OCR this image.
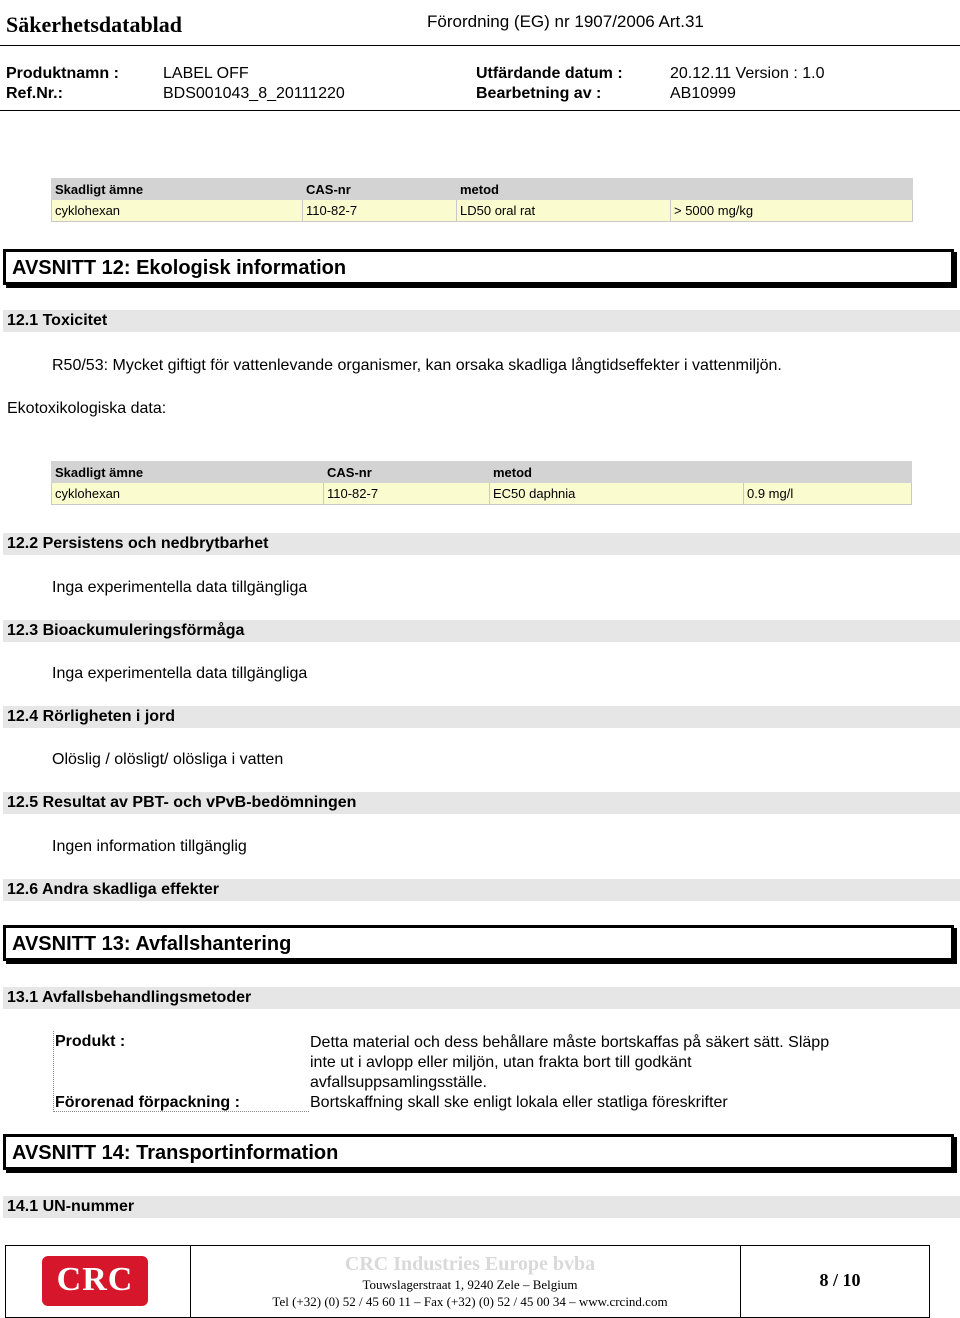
Säkerhetsdatablad	Förordning (EG) nr 1907/2006 Art.31
Produktnamn :	LABEL OFF	Utfärdande datum :	20.12.11 Version : 1.0
Ref.Nr.:	BDS001043_8_20111220	Bearbetning av :	AB10999
Skadligt ämne	CAS-nr	metod	
cyklohexan	110-82-7	LD50 oral rat	> 5000 mg/kg
AVSNITT 12: Ekologisk information
12.1 Toxicitet
R50/53: Mycket giftigt för vattenlevande organismer, kan orsaka skadliga långtidseffekter i vattenmiljön.
Ekotoxikologiska data:
Skadligt ämne	CAS-nr	metod	
cyklohexan	110-82-7	EC50 daphnia	0.9 mg/l
12.2 Persistens och nedbrytbarhet
Inga experimentella data tillgängliga
12.3 Bioackumuleringsförmåga
Inga experimentella data tillgängliga
12.4 Rörligheten i jord
Olöslig / olösligt/ olösliga i vatten
12.5 Resultat av PBT- och vPvB-bedömningen
Ingen information tillgänglig
12.6 Andra skadliga effekter
AVSNITT 13: Avfallshantering
13.1 Avfallsbehandlingsmetoder
Produkt :	Detta material och dess behållare måste bortskaffas på säkert sätt. Släpp inte ut i avlopp eller miljön, utan frakta bort till godkänt avfallsuppsamlingsställe.
Förorenad förpackning :	Bortskaffning skall ske enligt lokala eller statliga föreskrifter
AVSNITT 14: Transportinformation
14.1 UN-nummer
CRC	CRC Industries Europe bvba
Touwslagerstraat 1, 9240 Zele – Belgium
Tel (+32) (0) 52 / 45 60 11 – Fax (+32) (0) 52 / 45 00 34 – www.crcind.com
8 / 10
